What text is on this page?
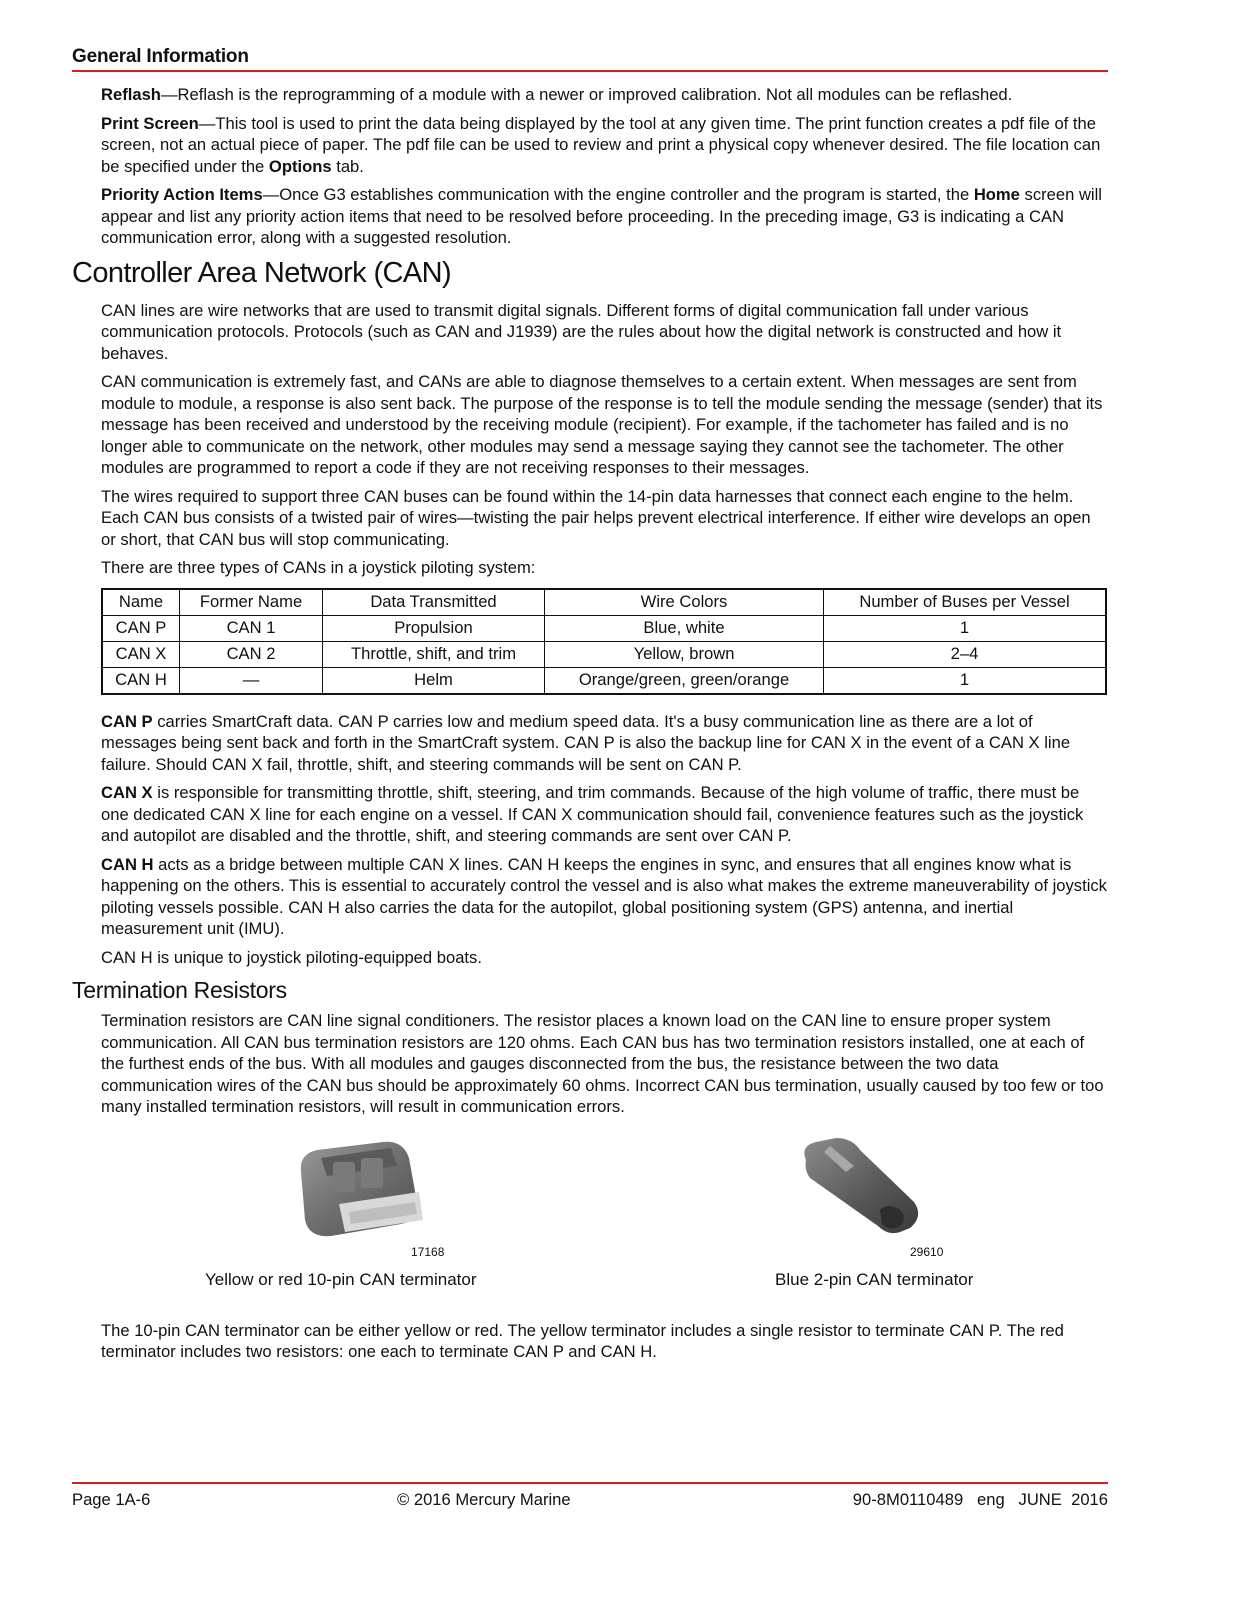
General Information

Reflash—Reflash is the reprogramming of a module with a newer or improved calibration. Not all modules can be reflashed.

Print Screen—This tool is used to print the data being displayed by the tool at any given time. The print function creates a pdf file of the screen, not an actual piece of paper. The pdf file can be used to review and print a physical copy whenever desired. The file location can be specified under the Options tab.

Priority Action Items—Once G3 establishes communication with the engine controller and the program is started, the Home screen will appear and list any priority action items that need to be resolved before proceeding. In the preceding image, G3 is indicating a CAN communication error, along with a suggested resolution.

Controller Area Network (CAN)

CAN lines are wire networks that are used to transmit digital signals. Different forms of digital communication fall under various communication protocols. Protocols (such as CAN and J1939) are the rules about how the digital network is constructed and how it behaves.

CAN communication is extremely fast, and CANs are able to diagnose themselves to a certain extent. When messages are sent from module to module, a response is also sent back. The purpose of the response is to tell the module sending the message (sender) that its message has been received and understood by the receiving module (recipient). For example, if the tachometer has failed and is no longer able to communicate on the network, other modules may send a message saying they cannot see the tachometer. The other modules are programmed to report a code if they are not receiving responses to their messages.

The wires required to support three CAN buses can be found within the 14-pin data harnesses that connect each engine to the helm. Each CAN bus consists of a twisted pair of wires—twisting the pair helps prevent electrical interference. If either wire develops an open or short, that CAN bus will stop communicating.

There are three types of CANs in a joystick piloting system:

Name	Former Name	Data Transmitted	Wire Colors	Number of Buses per Vessel
CAN P	CAN 1	Propulsion	Blue, white	1
CAN X	CAN 2	Throttle, shift, and trim	Yellow, brown	2–4
CAN H	—	Helm	Orange/green, green/orange	1

CAN P carries SmartCraft data. CAN P carries low and medium speed data. It's a busy communication line as there are a lot of messages being sent back and forth in the SmartCraft system. CAN P is also the backup line for CAN X in the event of a CAN X line failure. Should CAN X fail, throttle, shift, and steering commands will be sent on CAN P.

CAN X is responsible for transmitting throttle, shift, steering, and trim commands. Because of the high volume of traffic, there must be one dedicated CAN X line for each engine on a vessel. If CAN X communication should fail, convenience features such as the joystick and autopilot are disabled and the throttle, shift, and steering commands are sent over CAN P.

CAN H acts as a bridge between multiple CAN X lines. CAN H keeps the engines in sync, and ensures that all engines know what is happening on the others. This is essential to accurately control the vessel and is also what makes the extreme maneuverability of joystick piloting vessels possible. CAN H also carries the data for the autopilot, global positioning system (GPS) antenna, and inertial measurement unit (IMU).

CAN H is unique to joystick piloting-equipped boats.

Termination Resistors

Termination resistors are CAN line signal conditioners. The resistor places a known load on the CAN line to ensure proper system communication. All CAN bus termination resistors are 120 ohms. Each CAN bus has two termination resistors installed, one at each of the furthest ends of the bus. With all modules and gauges disconnected from the bus, the resistance between the two data communication wires of the CAN bus should be approximately 60 ohms. Incorrect CAN bus termination, usually caused by too few or too many installed termination resistors, will result in communication errors.

17168
Yellow or red 10-pin CAN terminator
29610
Blue 2-pin CAN terminator

The 10-pin CAN terminator can be either yellow or red. The yellow terminator includes a single resistor to terminate CAN P. The red terminator includes two resistors: one each to terminate CAN P and CAN H.

Page 1A-6	© 2016 Mercury Marine	90-8M0110489   eng   JUNE  2016
